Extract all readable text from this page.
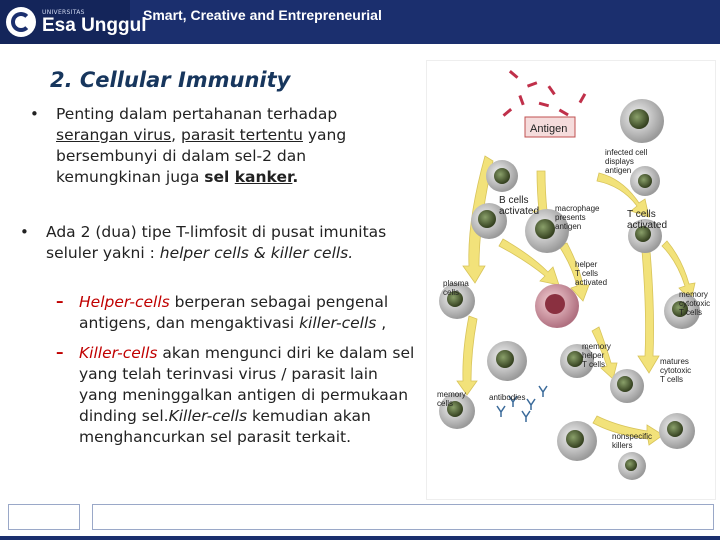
UNIVERSITAS
Esa Unggul
Smart, Creative and Entrepreneurial
2. Cellular Immunity
• Penting dalam pertahanan terhadap serangan virus, parasit tertentu yang bersembunyi di dalam sel-2 dan kemungkinan juga sel kanker.
• Ada 2 (dua) tipe T-limfosit di pusat imunitas seluler yakni : helper cells & killer cells.
– Helper-cells berperan sebagai pengenal antigens, dan mengaktivasi killer-cells ,
– Killer-cells akan mengunci diri ke dalam sel yang telah terinvasi virus / parasit lain yang meninggalkan antigen di permukaan dinding sel.Killer-cells kemudian akan menghancurkan sel parasit terkait.
Antigen
infected cell displays antigen
B cells activated macrophage presents antigen
T cells activated
plasma cells
helper T cells activated
memory cytotoxic T cells
memory helper T cells	matures cytotoxic T cells
memory cells
antibodies
nonspecific killers
